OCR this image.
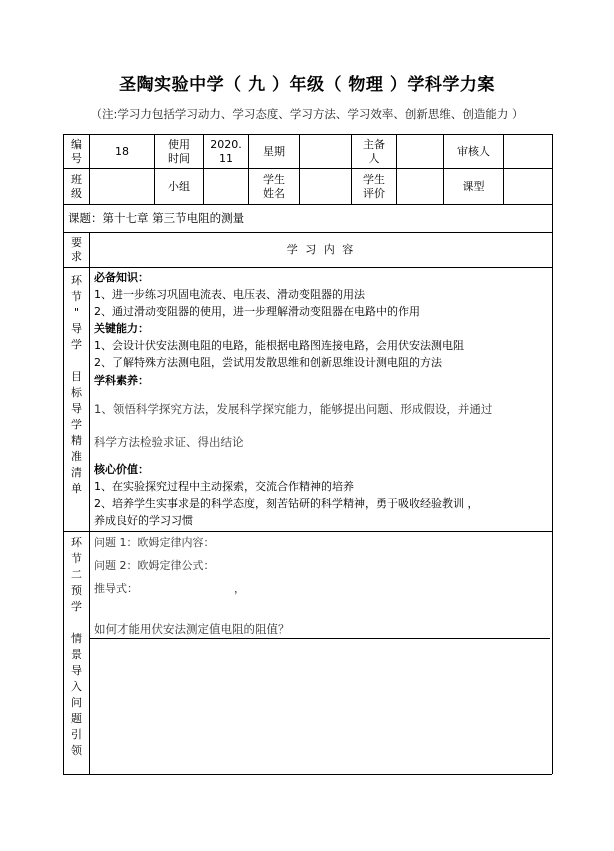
圣陶实验中学（ 九 ）年级（ 物理 ）学科学力案
（注:学习力包括学习动力、学习态度、学习方法、学习效率、创新思维、创造能力 ）
编
号
18
使用
时间
2020.
11
星期
主备
人
审核人
班
级
小组
学生
姓名
学生
评价
课型
课题：第十七章 第三节电阻的测量
要
求
学 习 内 容
环
节
"
导
学
目
标
导
学
精
准
清
单
必备知识：
1、进一步练习巩固电流表、电压表、滑动变阻器的用法
2、通过滑动变阻器的使用，进一步理解滑动变阻器在电路中的作用
关键能力：
1、会设计伏安法测电阻的电路，能根据电路图连接电路，会用伏安法测电阻
2、了解特殊方法测电阻，尝试用发散思维和创新思维设计测电阻的方法
学科素养：
1、领悟科学探究方法，发展科学探究能力，能够提出问题、形成假设，并通过
科学方法检验求证、得出结论
核心价值：
1、在实验探究过程中主动探索，交流合作精神的培养
2、培养学生实事求是的科学态度，刻苦钻研的科学精神，勇于吸收经验教训 ，
养成良好的学习习惯
环
节
二
预
学
情
景
导
入
问
题
引
领
问题 1：欧姆定律内容：
问题 2：欧姆定律公式：
推导式：	，
如何才能用伏安法测定值电阻的阻值？
